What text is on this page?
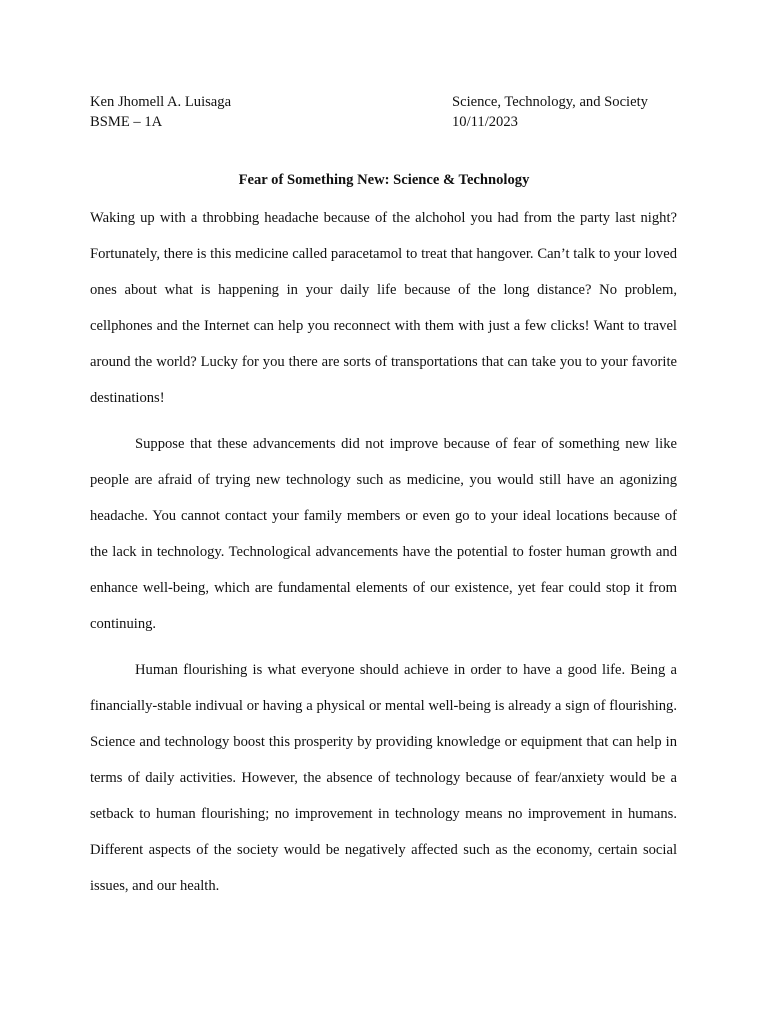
Ken Jhomell A. Luisaga
BSME – 1A
Science, Technology, and Society
10/11/2023
Fear of Something New: Science & Technology

Waking up with a throbbing headache because of the alchohol you had from the party last night? Fortunately, there is this medicine called paracetamol to treat that hangover. Can’t talk to your loved ones about what is happening in your daily life because of the long distance? No problem, cellphones and the Internet can help you reconnect with them with just a few clicks! Want to travel around the world? Lucky for you there are sorts of transportations that can take you to your favorite destinations!

Suppose that these advancements did not improve because of fear of something new like people are afraid of trying new technology such as medicine, you would still have an agonizing headache. You cannot contact your family members or even go to your ideal locations because of the lack in technology. Technological advancements have the potential to foster human growth and enhance well-being, which are fundamental elements of our existence, yet fear could stop it from continuing.

Human flourishing is what everyone should achieve in order to have a good life. Being a financially-stable indivual or having a physical or mental well-being is already a sign of flourishing. Science and technology boost this prosperity by providing knowledge or equipment that can help in terms of daily activities. However, the absence of technology because of fear/anxiety would be a setback to human flourishing; no improvement in technology means no improvement in humans. Different aspects of the society would be negatively affected such as the economy, certain social issues, and our health.
